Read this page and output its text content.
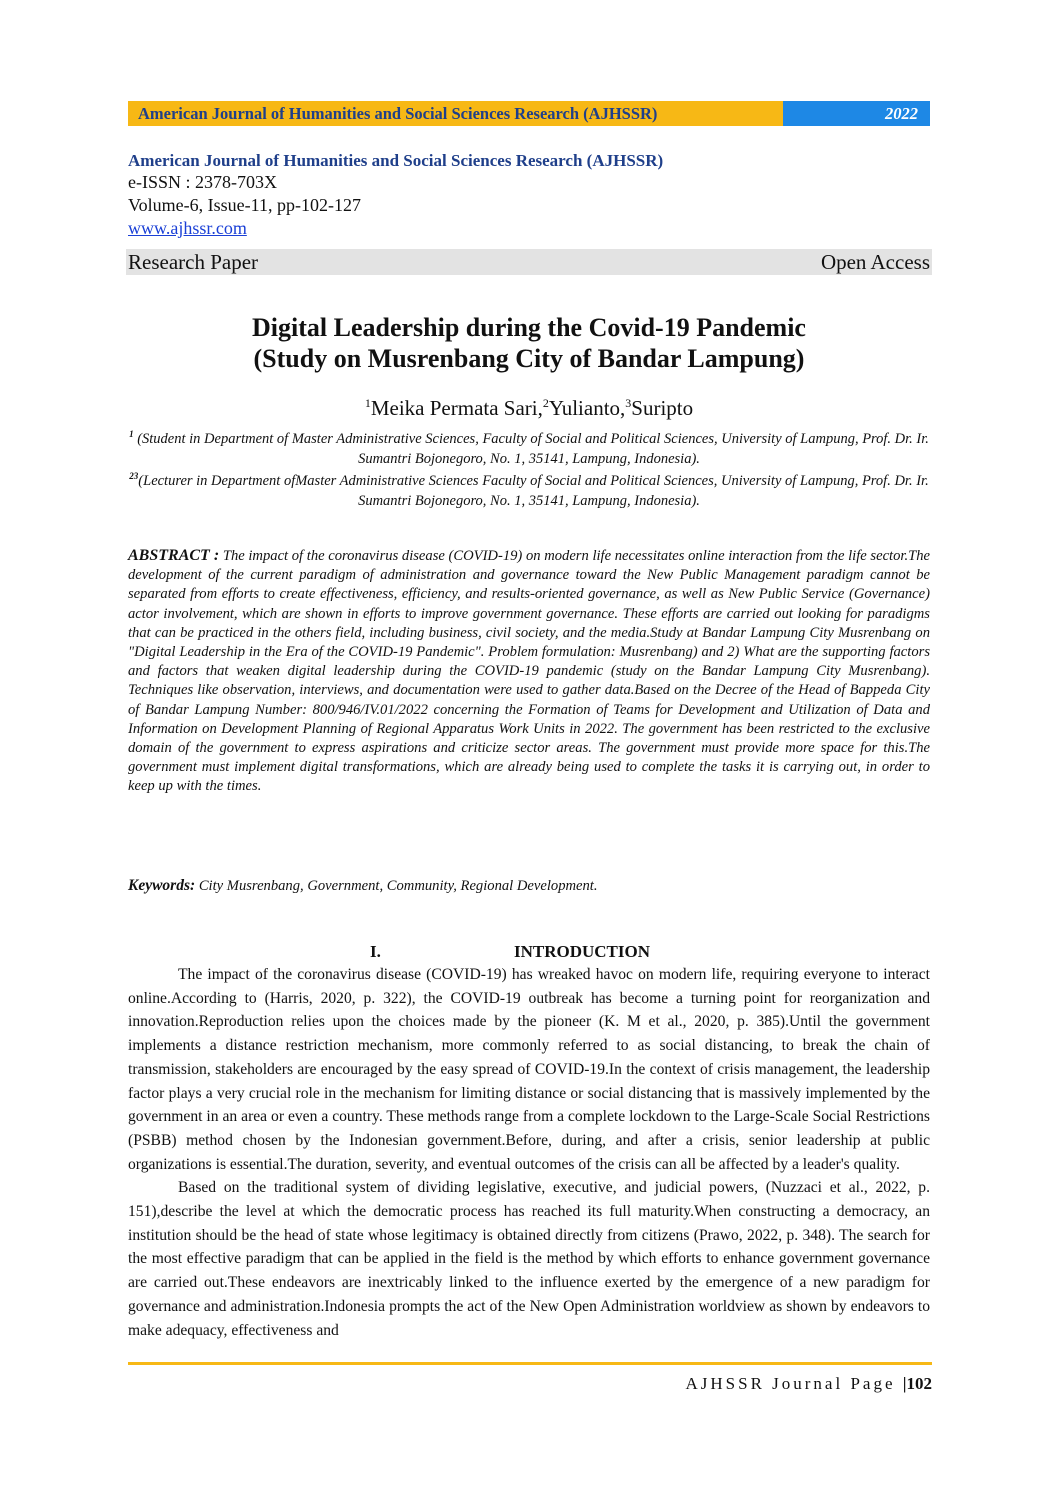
American Journal of Humanities and Social Sciences Research (AJHSSR)	2022
American Journal of Humanities and Social Sciences Research (AJHSSR)
e-ISSN : 2378-703X
Volume-6, Issue-11, pp-102-127
www.ajhssr.com
Research Paper	Open Access
Digital Leadership during the Covid-19 Pandemic
(Study on Musrenbang City of Bandar Lampung)
$^1$Meika Permata Sari,$^2$Yulianto,$^3$Suripto
$^1$ (Student in Department of Master Administrative Sciences, Faculty of Social and Political Sciences, University of Lampung, Prof. Dr. Ir. Sumantri Bojonegoro, No. 1, 35141, Lampung, Indonesia).
$^{23}$(Lecturer in Department ofMaster Administrative Sciences Faculty of Social and Political Sciences, University of Lampung, Prof. Dr. Ir. Sumantri Bojonegoro, No. 1, 35141, Lampung, Indonesia).
ABSTRACT : The impact of the coronavirus disease (COVID-19) on modern life necessitates online interaction from the life sector.The development of the current paradigm of administration and governance toward the New Public Management paradigm cannot be separated from efforts to create effectiveness, efficiency, and results-oriented governance, as well as New Public Service (Governance) actor involvement, which are shown in efforts to improve government governance. These efforts are carried out looking for paradigms that can be practiced in the others field, including business, civil society, and the media.Study at Bandar Lampung City Musrenbang on "Digital Leadership in the Era of the COVID-19 Pandemic". Problem formulation: Musrenbang) and 2) What are the supporting factors and factors that weaken digital leadership during the COVID-19 pandemic (study on the Bandar Lampung City Musrenbang). Techniques like observation, interviews, and documentation were used to gather data.Based on the Decree of the Head of Bappeda City of Bandar Lampung Number: 800/946/IV.01/2022 concerning the Formation of Teams for Development and Utilization of Data and Information on Development Planning of Regional Apparatus Work Units in 2022. The government has been restricted to the exclusive domain of the government to express aspirations and criticize sector areas. The government must provide more space for this.The government must implement digital transformations, which are already being used to complete the tasks it is carrying out, in order to keep up with the times.
Keywords: City Musrenbang, Government, Community, Regional Development.
I.	INTRODUCTION

The impact of the coronavirus disease (COVID-19) has wreaked havoc on modern life, requiring everyone to interact online.According to (Harris, 2020, p. 322), the COVID-19 outbreak has become a turning point for reorganization and innovation.Reproduction relies upon the choices made by the pioneer (K. M et al., 2020, p. 385).Until the government implements a distance restriction mechanism, more commonly referred to as social distancing, to break the chain of transmission, stakeholders are encouraged by the easy spread of COVID-19.In the context of crisis management, the leadership factor plays a very crucial role in the mechanism for limiting distance or social distancing that is massively implemented by the government in an area or even a country. These methods range from a complete lockdown to the Large-Scale Social Restrictions (PSBB) method chosen by the Indonesian government.Before, during, and after a crisis, senior leadership at public organizations is essential.The duration, severity, and eventual outcomes of the crisis can all be affected by a leader's quality.

Based on the traditional system of dividing legislative, executive, and judicial powers, (Nuzzaci et al., 2022, p. 151),describe the level at which the democratic process has reached its full maturity.When constructing a democracy, an institution should be the head of state whose legitimacy is obtained directly from citizens (Prawo, 2022, p. 348). The search for the most effective paradigm that can be applied in the field is the method by which efforts to enhance government governance are carried out.These endeavors are inextricably linked to the influence exerted by the emergence of a new paradigm for governance and administration.Indonesia prompts the act of the New Open Administration worldview as shown by endeavors to make adequacy, effectiveness and

AJHSSR Journal Page |102
